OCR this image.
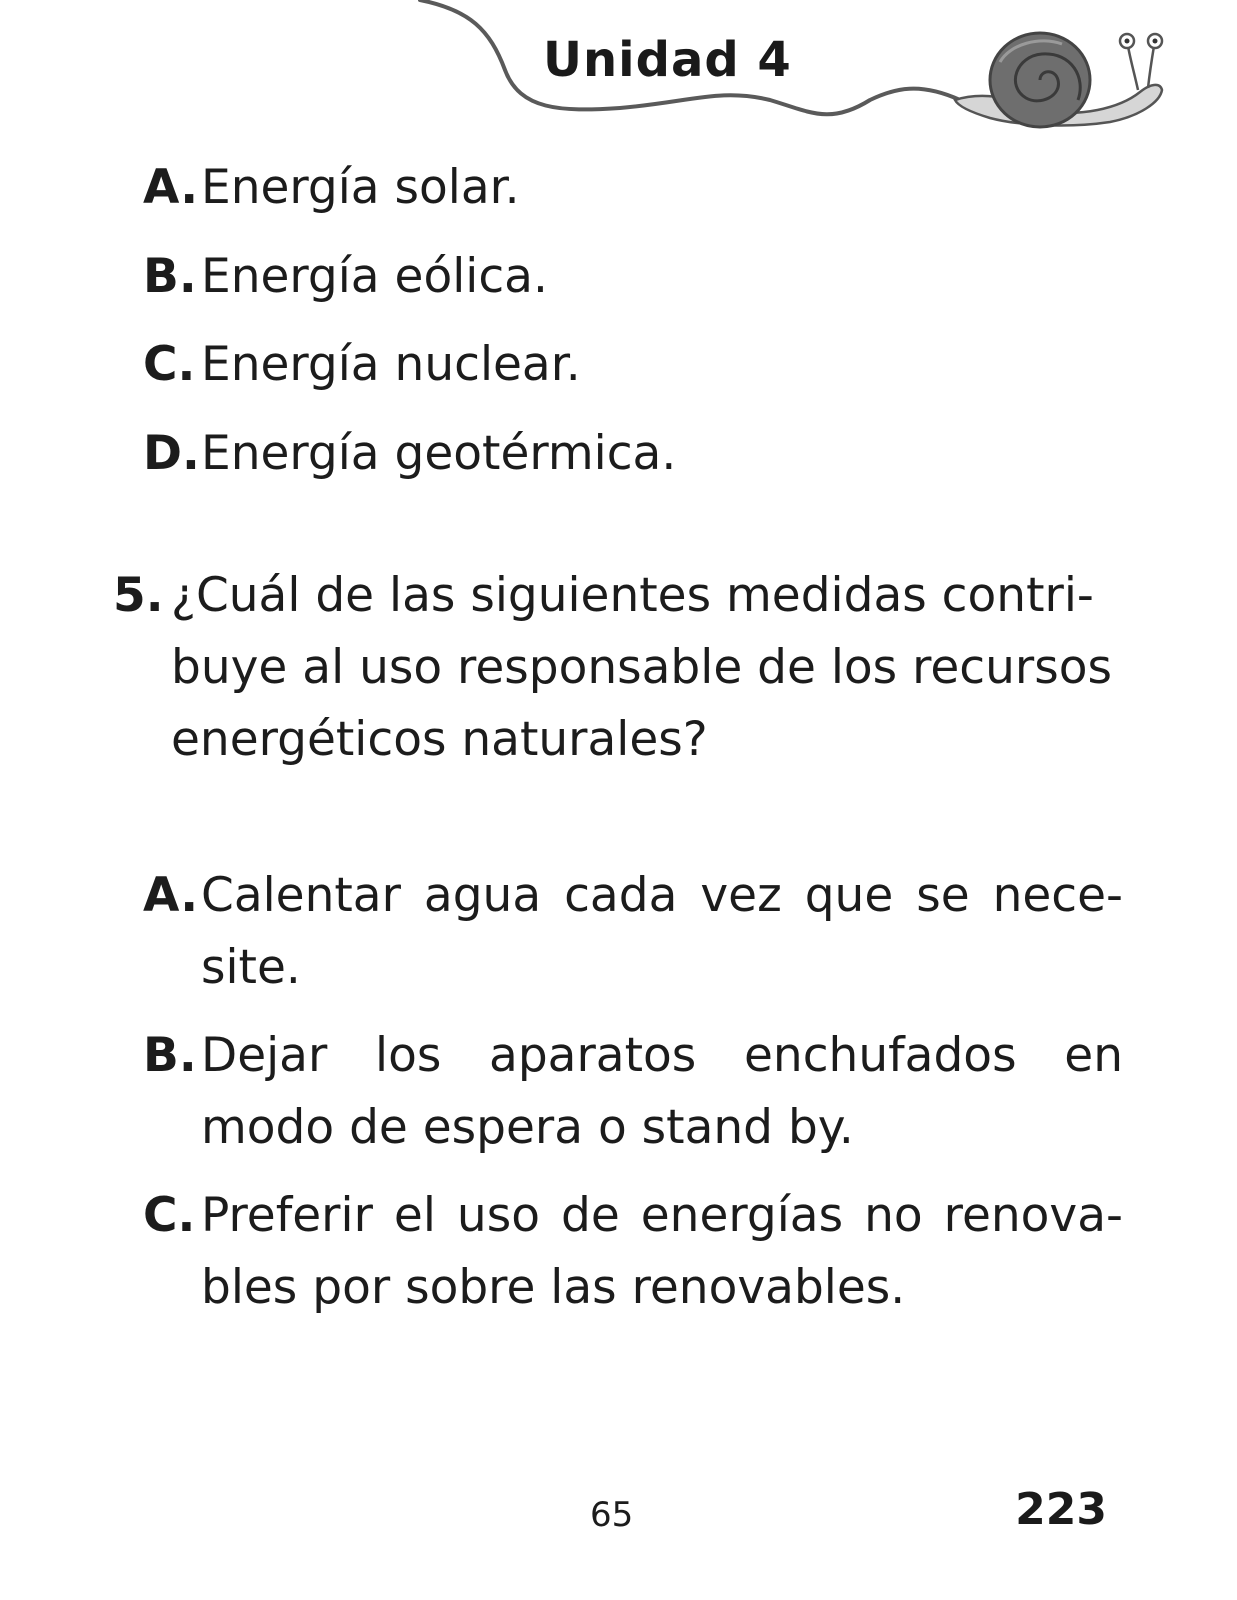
Unidad 4
A.Energía solar.
B.Energía eólica.
C. Energía nuclear.
D.Energía geotérmica.
5. ¿Cuál de las siguientes medidas contri-buye al uso responsable de los recursos energéticos naturales?
A. Calentar agua cada vez que se nece-site.
B. Dejar los aparatos enchufados en modo de espera o stand by.
C. Preferir el uso de energías no renova-bles por sobre las renovables.
65	223
